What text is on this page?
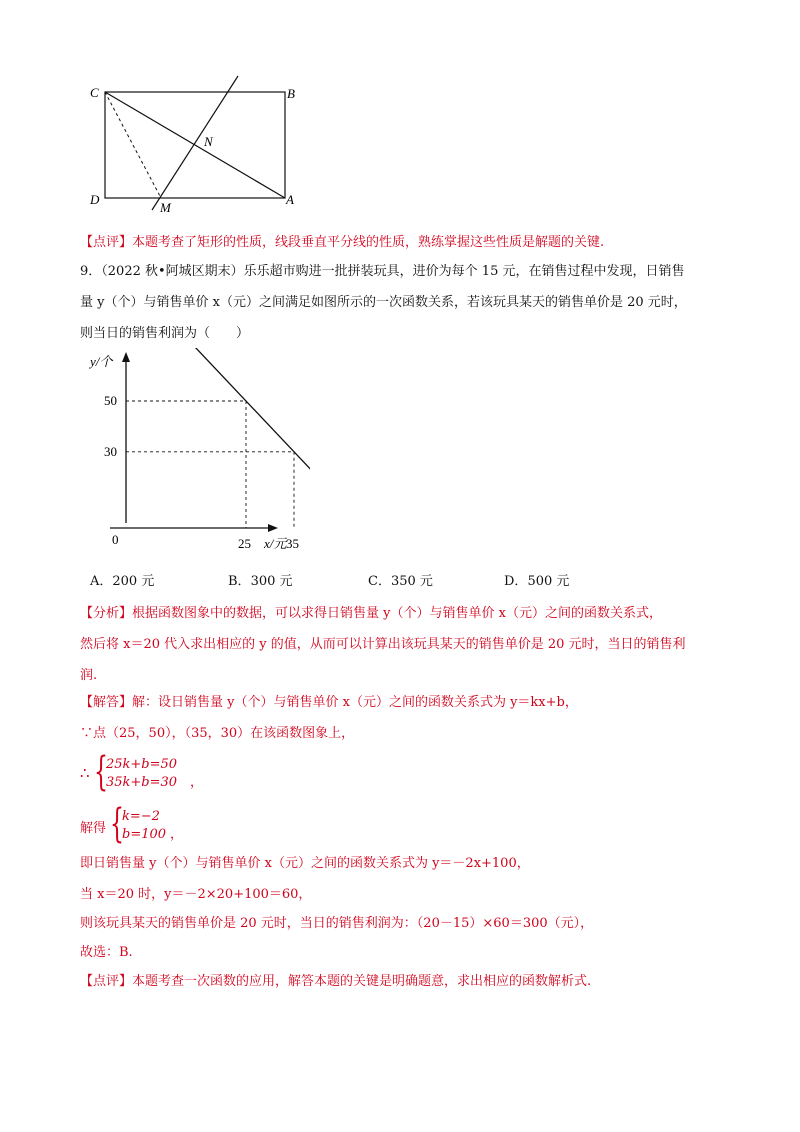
C	B
D	A
N
M
【点评】本题考查了矩形的性质，线段垂直平分线的性质，熟练掌握这些性质是解题的关键.
9．（2022 秋•阿城区期末）乐乐超市购进一批拼装玩具，进价为每个 15 元，在销售过程中发现，日销售
量 y（个）与销售单价 x（元）之间满足如图所示的一次函数关系，若该玩具某天的销售单价是 20 元时，
则当日的销售利润为（　　）
y/个
x/元
0
50
30
25	35
A．200 元	B．300 元	C．350 元	D．500 元
【分析】根据函数图象中的数据，可以求得日销售量 y（个）与销售单价 x（元）之间的函数关系式，
然后将 x＝20 代入求出相应的 y 的值，从而可以计算出该玩具某天的销售单价是 20 元时，当日的销售利
润.
【解答】解：设日销售量 y（个）与销售单价 x（元）之间的函数关系式为 y＝kx+b，
∵点（25，50），（35，30）在该函数图象上，
∴ {
25k+b=50
35k+b=30 ，
解得 {
k=−2
b=100 ，
即日销售量 y（个）与销售单价 x（元）之间的函数关系式为 y＝－2x+100，
当 x＝20 时，y＝－2×20+100＝60，
则该玩具某天的销售单价是 20 元时，当日的销售利润为：（20－15）×60＝300（元），
故选：B.
【点评】本题考查一次函数的应用，解答本题的关键是明确题意，求出相应的函数解析式.
